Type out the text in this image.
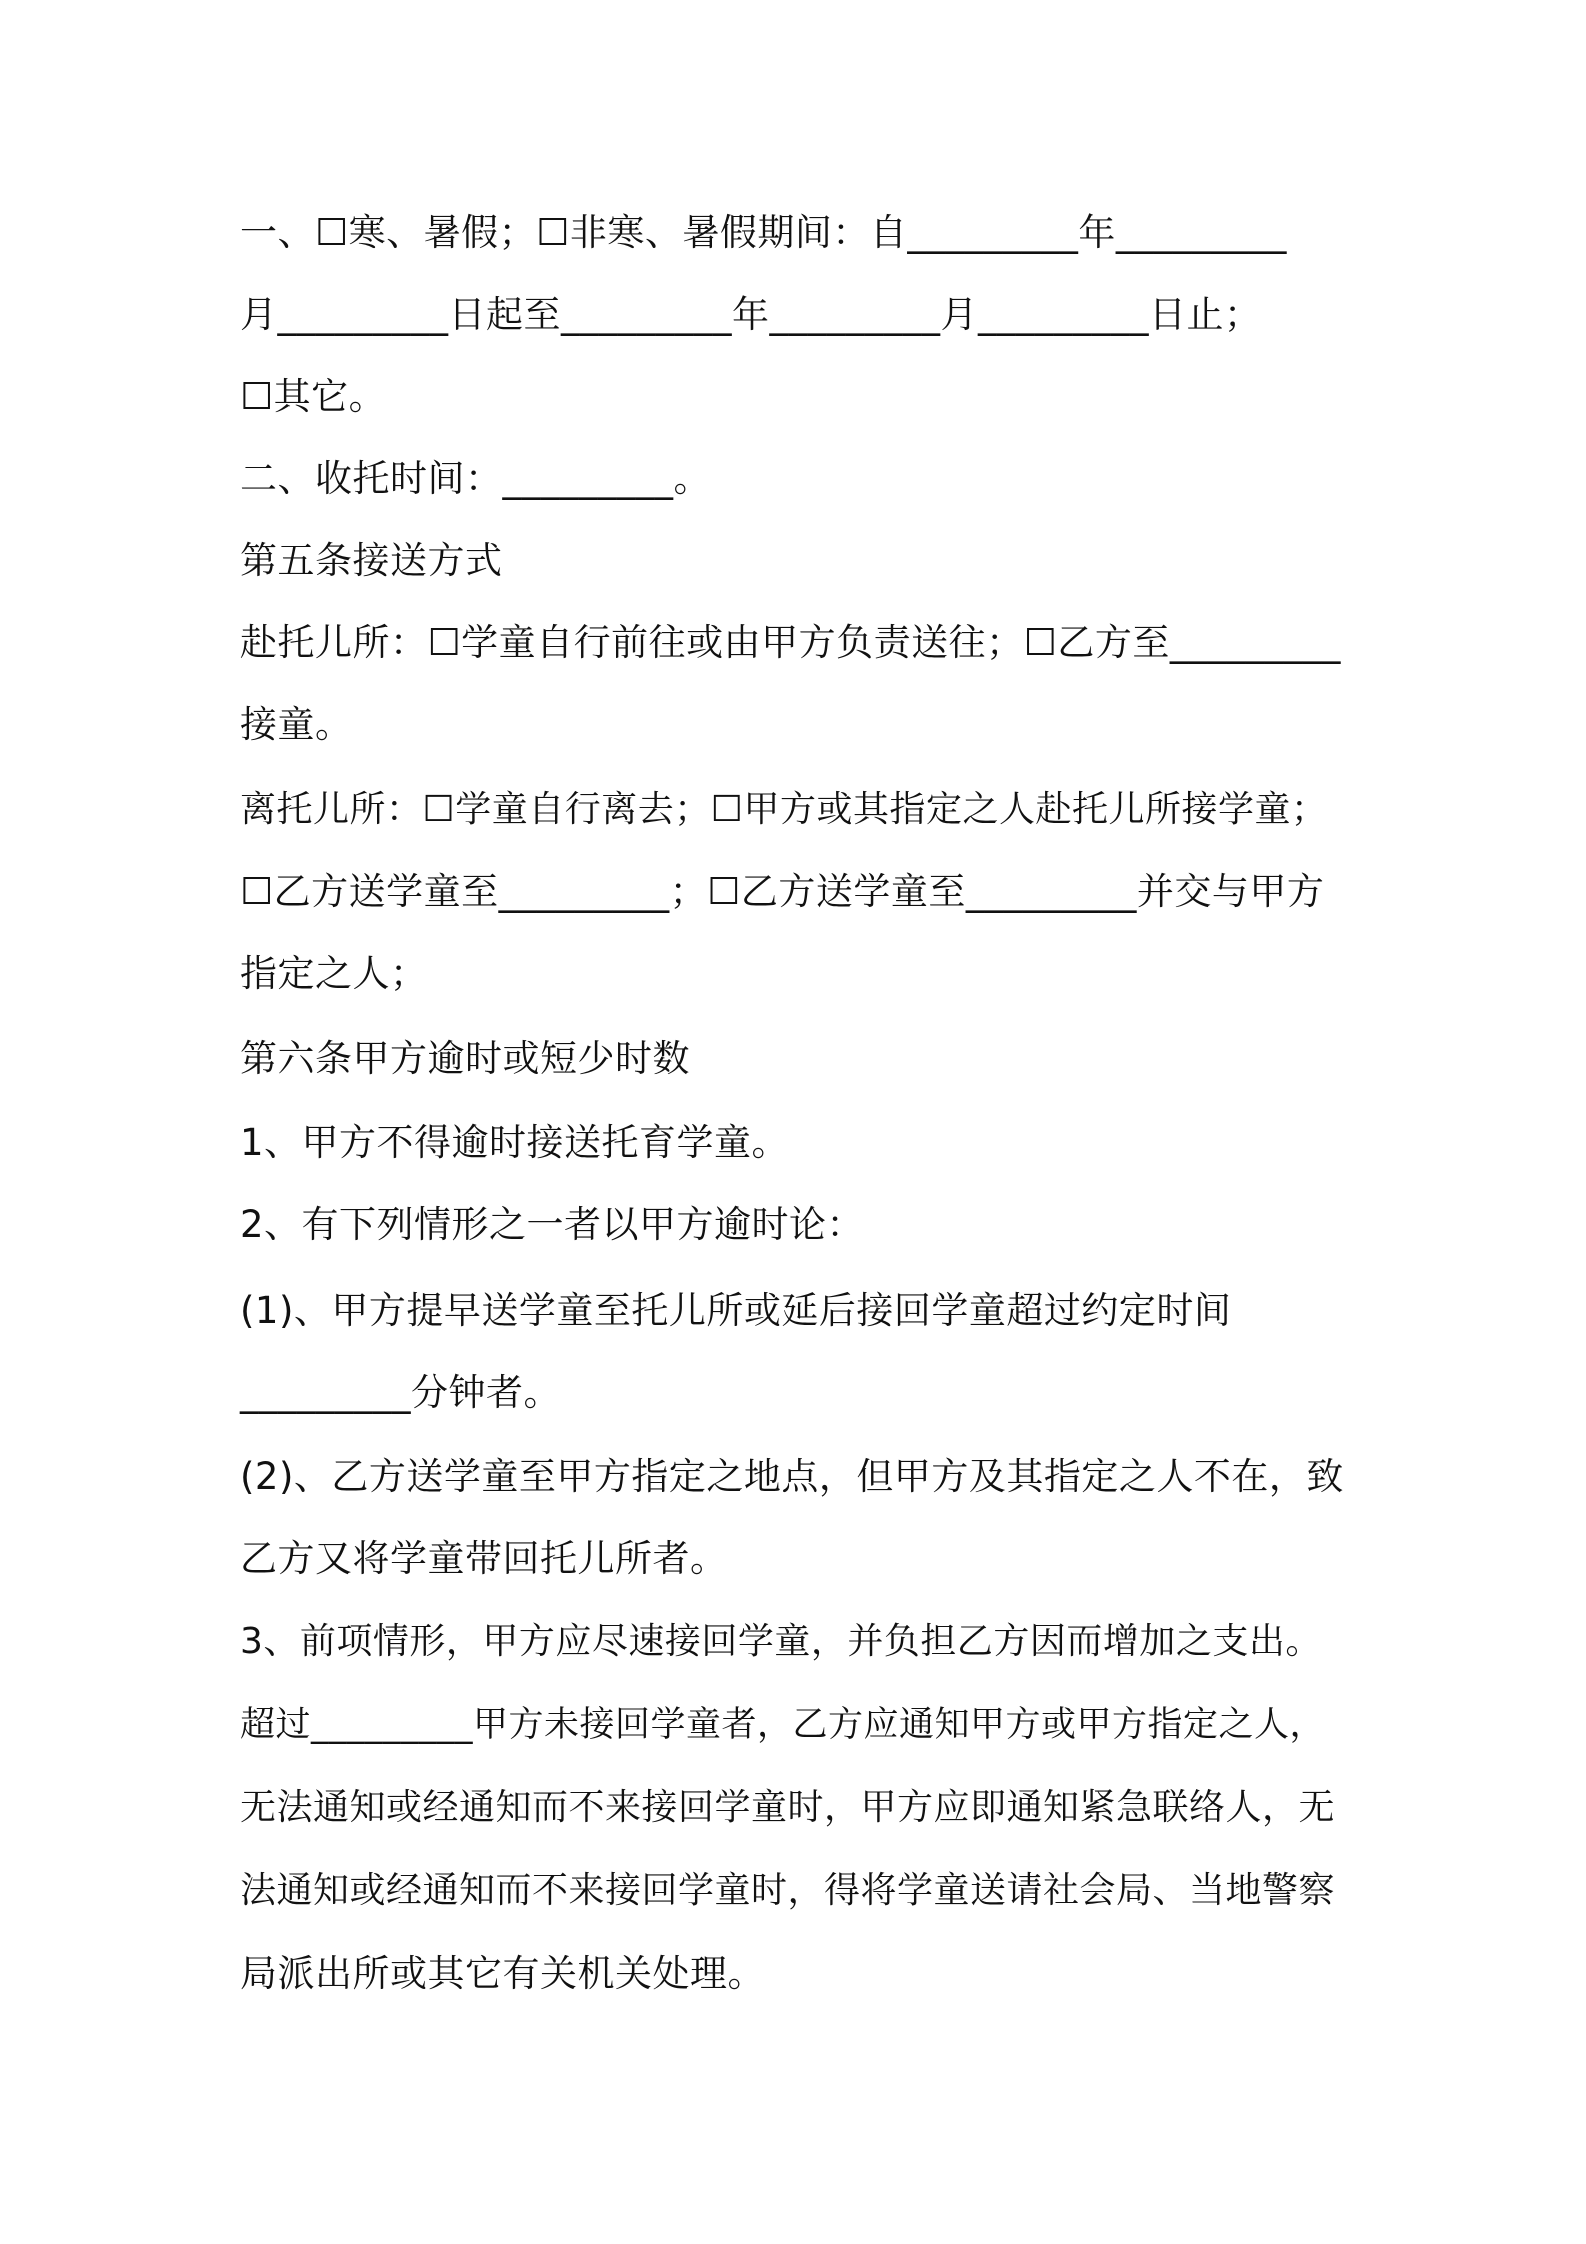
一、☐寒、暑假；☐非寒、暑假期间：自_________年_________
月_________日起至_________年_________月_________日止；
☐其它。
二、收托时间：_________。
第五条接送方式
赴托儿所：☐学童自行前往或由甲方负责送往；☐乙方至_________
接童。
离托儿所：☐学童自行离去；☐甲方或其指定之人赴托儿所接学童；
☐乙方送学童至_________；☐乙方送学童至_________并交与甲方
指定之人；
第六条甲方逾时或短少时数
1、甲方不得逾时接送托育学童。
2、有下列情形之一者以甲方逾时论：
(1)、甲方提早送学童至托儿所或延后接回学童超过约定时间
_________分钟者。
(2)、乙方送学童至甲方指定之地点，但甲方及其指定之人不在，致
乙方又将学童带回托儿所者。
3、前项情形，甲方应尽速接回学童，并负担乙方因而增加之支出。
超过_________甲方未接回学童者，乙方应通知甲方或甲方指定之人，
无法通知或经通知而不来接回学童时，甲方应即通知紧急联络人，无
法通知或经通知而不来接回学童时，得将学童送请社会局、当地警察
局派出所或其它有关机关处理。
